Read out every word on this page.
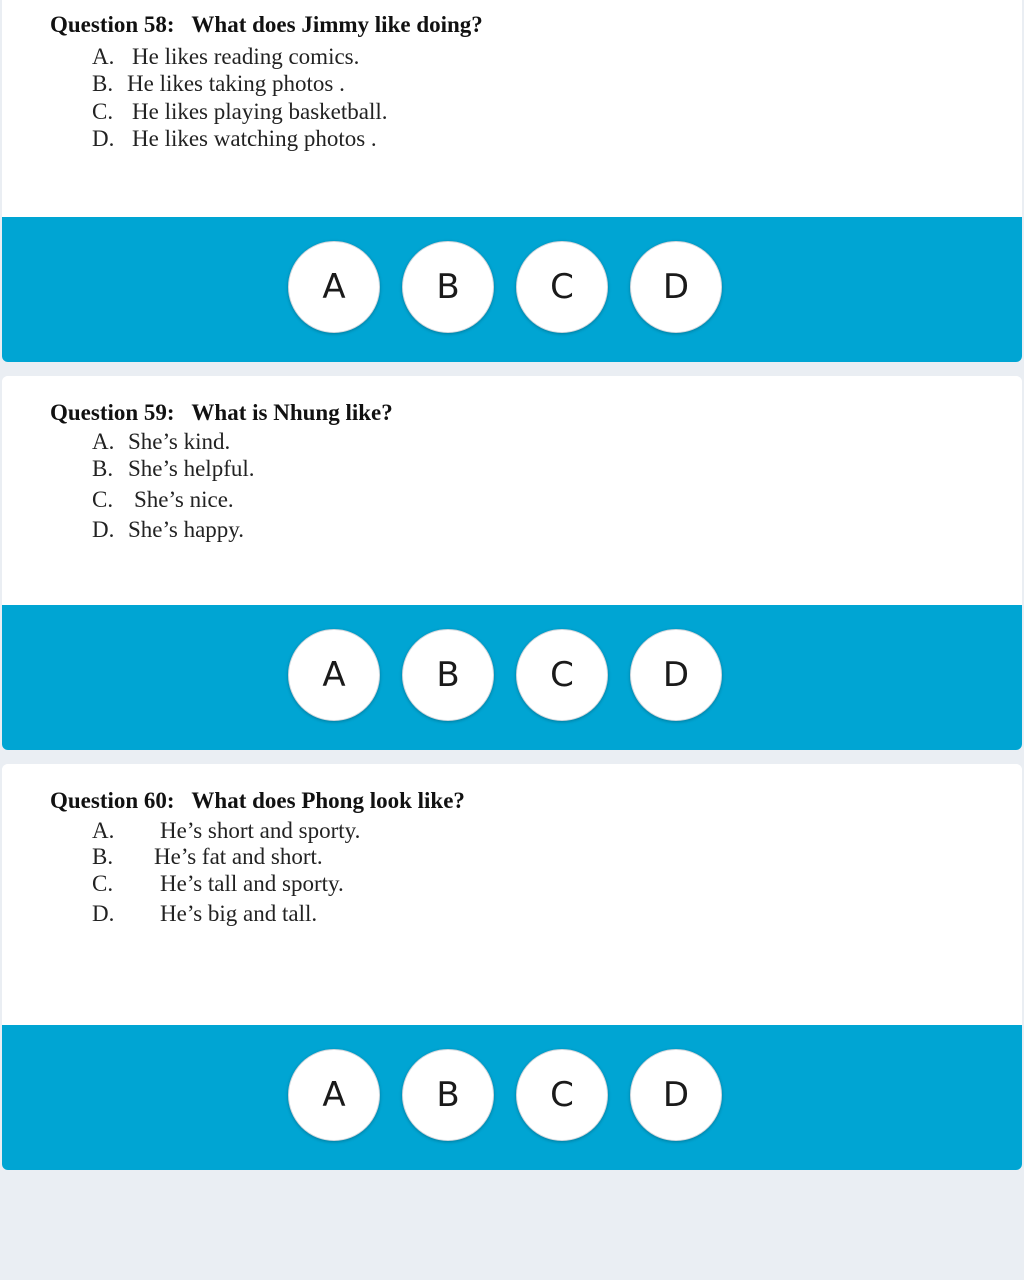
Question 58:   What does Jimmy like doing?
A. He likes reading comics.
B. He likes taking photos .
C. He likes playing basketball.
D. He likes watching photos .
A	B	C	D
Question 59:   What is Nhung like?
A. She’s kind.
B. She’s helpful.
C. She’s nice.
D. She’s happy.
A	B	C	D
Question 60:   What does Phong look like?
A. He’s short and sporty.
B. He’s fat and short.
C. He’s tall and sporty.
D. He’s big and tall.
A	B	C	D
